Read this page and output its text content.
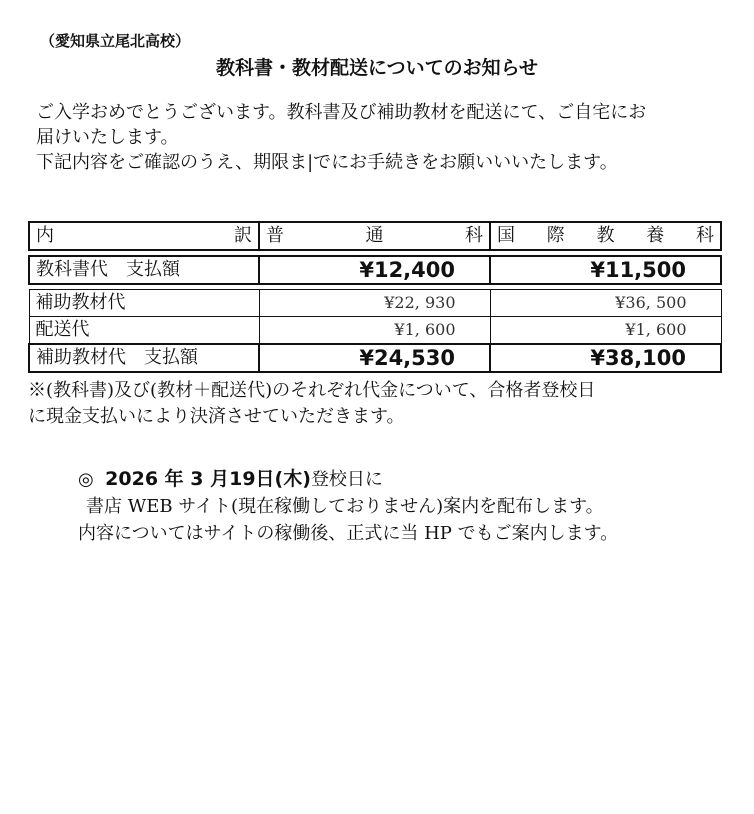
（愛知県立尾北高校）
教科書・教材配送についてのお知らせ

ご入学おめでとうございます。教科書及び補助教材を配送にて、ご自宅にお

届けいたします。

下記内容をご確認のうえ、期限ま|でにお手続きをお願いいいたします。

内 訳	普 通 科	国 際 教 養 科

教科書代　支払額	¥12,400	¥11,500

補助教材代	¥22, 930	¥36, 500
配送代	¥1, 600	¥1, 600
補助教材代　支払額	¥24,530	¥38,100

※(教科書)及び(教材＋配送代)のそれぞれ代金について、合格者登校日

に現金支払いにより決済させていただきます。

◎ 2026 年 3 月19日(木)登校日に

書店 WEB サイト(現在稼働しておりません)案内を配布します。

内容についてはサイトの稼働後、正式に当 HP でもご案内します。
